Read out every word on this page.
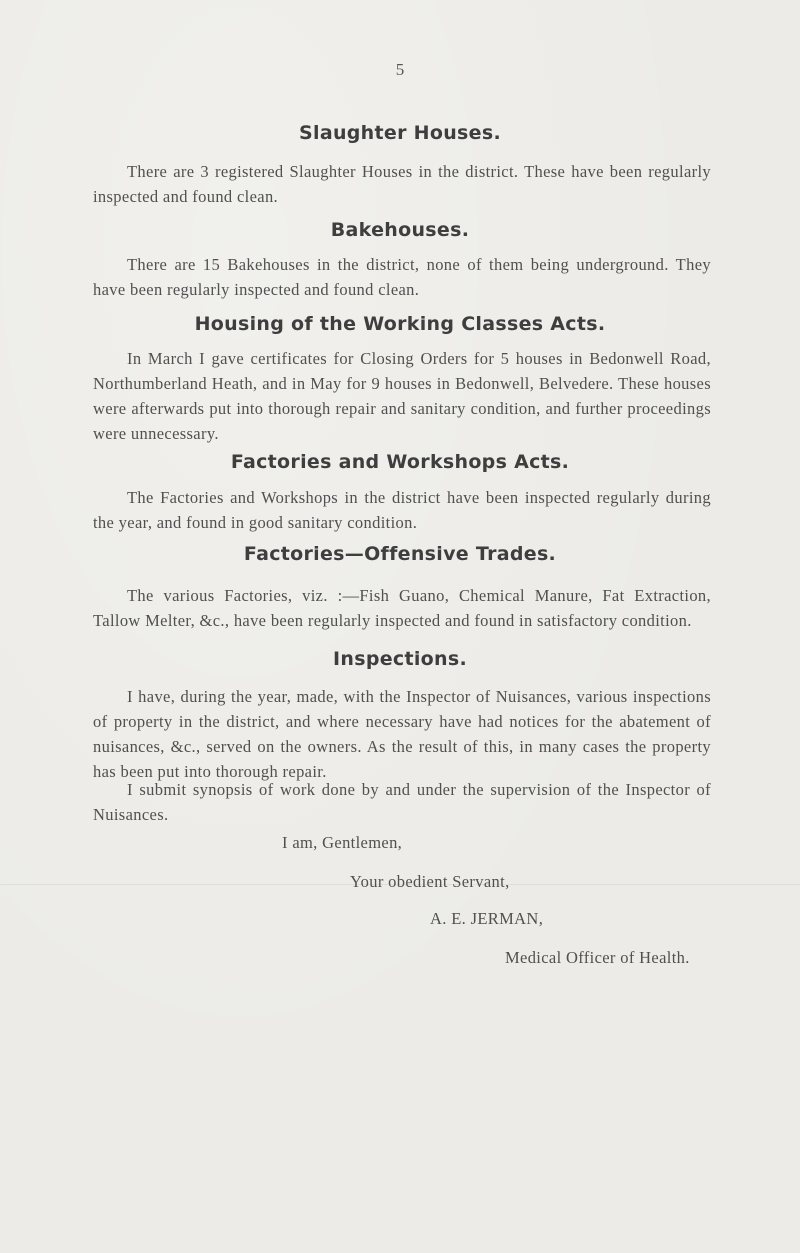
5
Slaughter Houses.

There are 3 registered Slaughter Houses in the district. These have been regularly inspected and found clean.

Bakehouses.

There are 15 Bakehouses in the district, none of them being underground. They have been regularly inspected and found clean.

Housing of the Working Classes Acts.

In March I gave certificates for Closing Orders for 5 houses in Bedonwell Road, Northumberland Heath, and in May for 9 houses in Bedonwell, Belvedere. These houses were afterwards put into thorough repair and sanitary condition, and further proceedings were unnecessary.

Factories and Workshops Acts.

The Factories and Workshops in the district have been inspected regularly during the year, and found in good sanitary condition.

Factories—Offensive Trades.

The various Factories, viz. :—Fish Guano, Chemical Manure, Fat Extraction, Tallow Melter, &c., have been regularly inspected and found in satisfactory condition.

Inspections.

I have, during the year, made, with the Inspector of Nuisances, various inspections of property in the district, and where necessary have had notices for the abatement of nuisances, &c., served on the owners. As the result of this, in many cases the property has been put into thorough repair.

I submit synopsis of work done by and under the supervision of the Inspector of Nuisances.

I am, Gentlemen,

Your obedient Servant,

A. E. JERMAN,

Medical Officer of Health.
